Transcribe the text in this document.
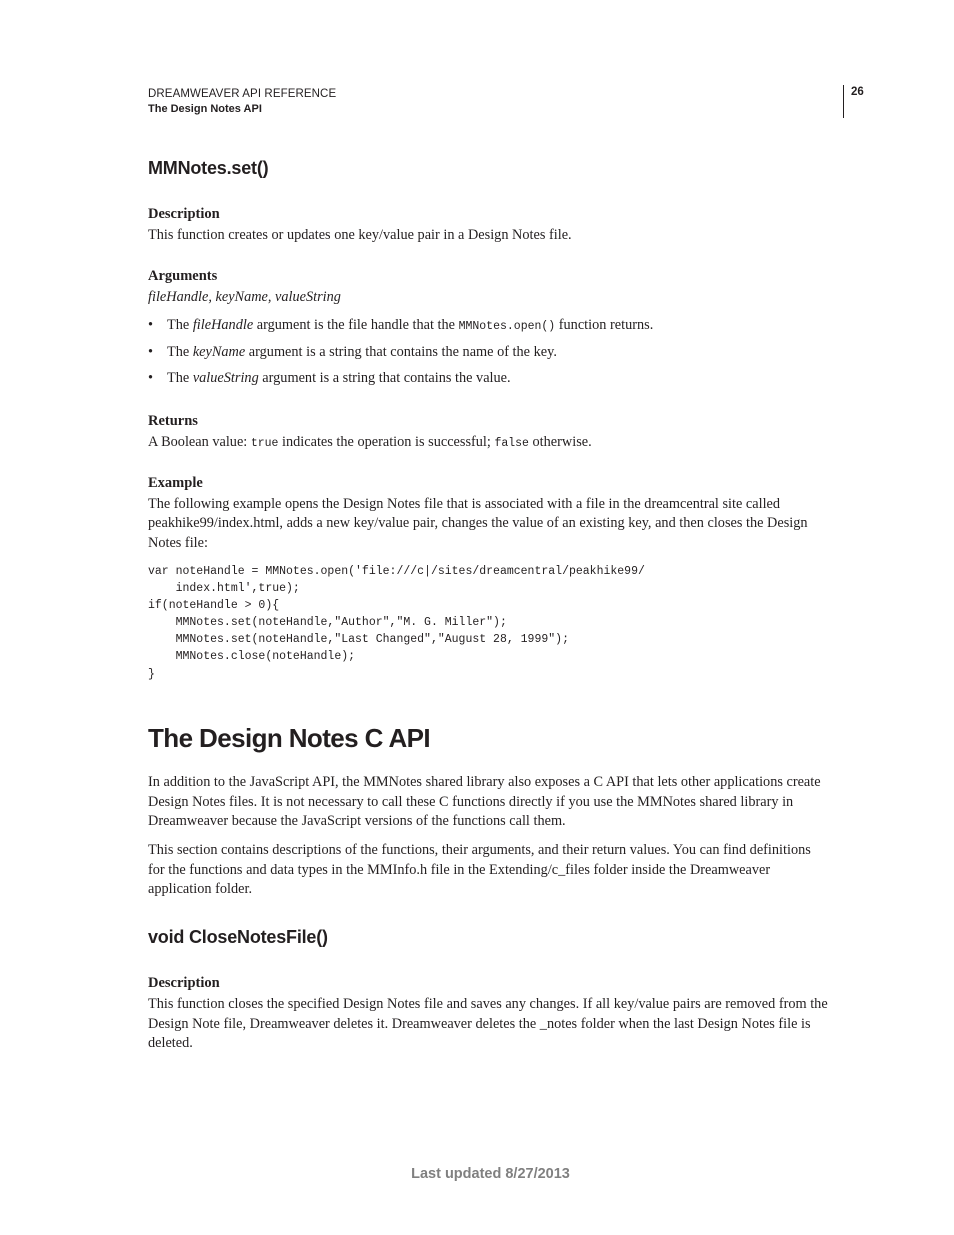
DREAMWEAVER API REFERENCE
The Design Notes API
26
MMNotes.set()
Description
This function creates or updates one key/value pair in a Design Notes file.
Arguments
fileHandle, keyName, valueString
• The fileHandle argument is the file handle that the MMNotes.open() function returns.
• The keyName argument is a string that contains the name of the key.
• The valueString argument is a string that contains the value.
Returns
A Boolean value: true indicates the operation is successful; false otherwise.
Example
The following example opens the Design Notes file that is associated with a file in the dreamcentral site called
peakhike99/index.html, adds a new key/value pair, changes the value of an existing key, and then closes the Design
Notes file:
var noteHandle = MMNotes.open('file:///c|/sites/dreamcentral/peakhike99/
index.html',true);
if(noteHandle > 0){
MMNotes.set(noteHandle,"Author","M. G. Miller");
MMNotes.set(noteHandle,"Last Changed","August 28, 1999");
MMNotes.close(noteHandle);
}
The Design Notes C API
In addition to the JavaScript API, the MMNotes shared library also exposes a C API that lets other applications create
Design Notes files. It is not necessary to call these C functions directly if you use the MMNotes shared library in
Dreamweaver because the JavaScript versions of the functions call them.
This section contains descriptions of the functions, their arguments, and their return values. You can find definitions
for the functions and data types in the MMInfo.h file in the Extending/c_files folder inside the Dreamweaver
application folder.
void CloseNotesFile()
Description
This function closes the specified Design Notes file and saves any changes. If all key/value pairs are removed from the
Design Note file, Dreamweaver deletes it. Dreamweaver deletes the _notes folder when the last Design Notes file is
deleted.
Last updated 8/27/2013
